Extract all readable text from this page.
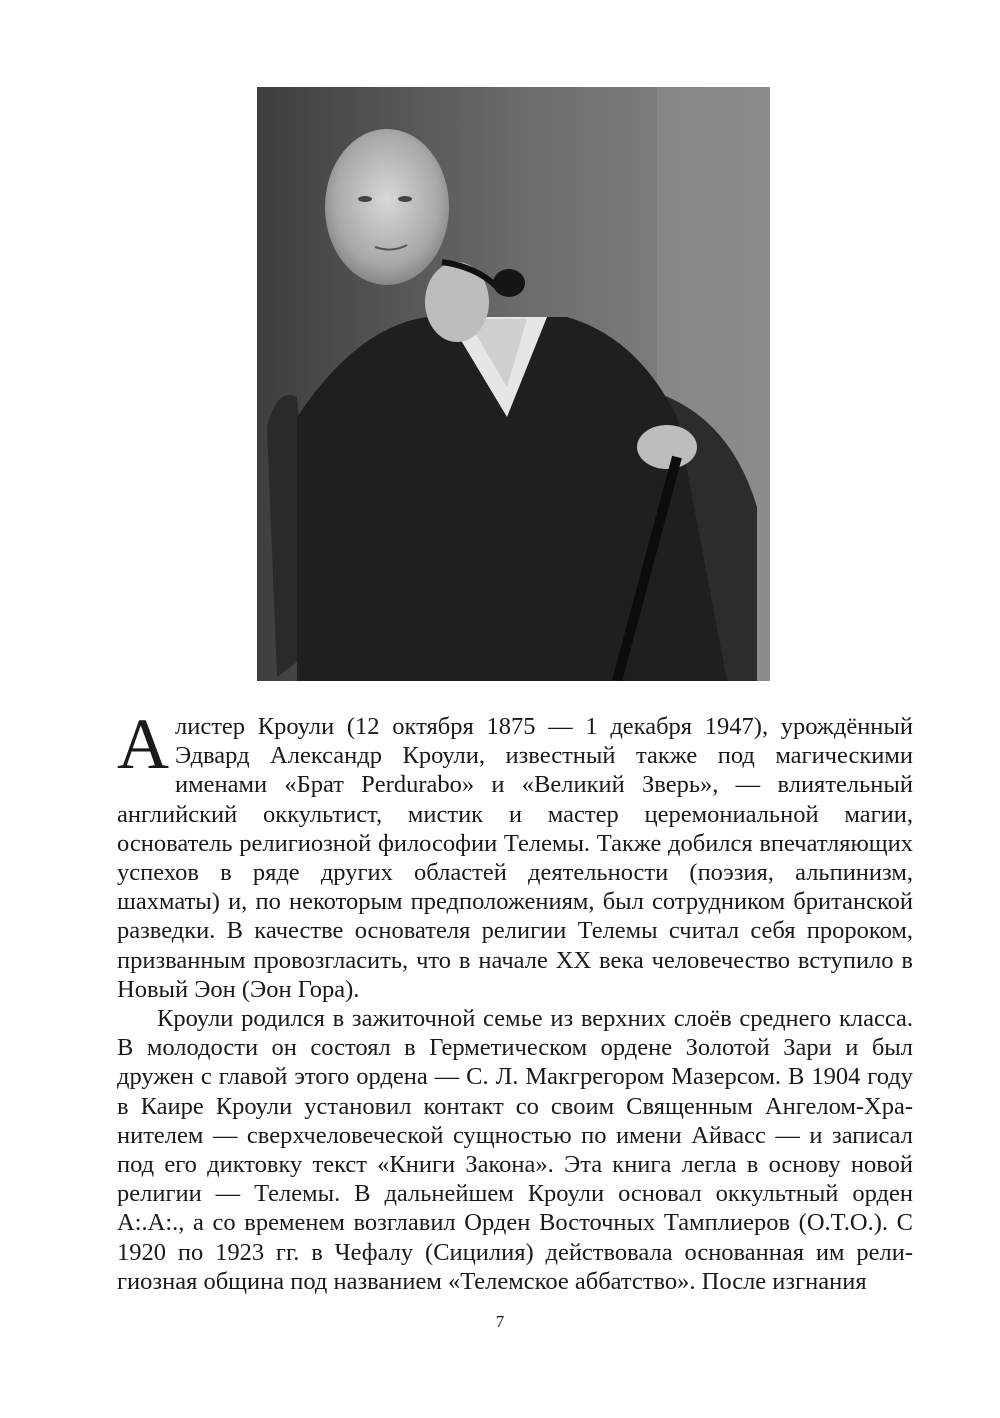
Алистер Кроули (12 октября 1875 — 1 декабря 1947), урождённый Эдвард Александр Кроули, известный также под магическими именами «Брат Perdurabo» и «Великий Зверь», — влиятельный английский оккультист, мистик и мастер церемониальной магии, основатель религиозной философии Телемы. Также добился впечатляющих успехов в ряде других областей деятельности (поэзия, альпинизм, шахматы) и, по некоторым предположениям, был сотрудником британской разведки. В качестве основателя религии Телемы считал себя пророком, призванным провозгласить, что в начале XX века человечество вступило в Новый Эон (Эон Гора).

Кроули родился в зажиточной семье из верхних слоёв среднего класса. В молодости он состоял в Герметическом ордене Золотой Зари и был дружен с главой этого ордена — С. Л. Макгрегором Мазерсом. В 1904 году в Каире Кроули установил контакт со своим Священным Ангелом-Хранителем — сверхчеловеческой сущностью по имени Айвасс — и записал под его диктовку текст «Книги Закона». Эта книга легла в основу новой религии — Телемы. В дальнейшем Кроули основал оккультный орден A:.A:., а со временем возглавил Орден Восточных Тамплиеров (O.T.O.). С 1920 по 1923 гг. в Чефалу (Сицилия) действовала основанная им религиозная община под названием «Телемское аббатство». После изгнания

7
